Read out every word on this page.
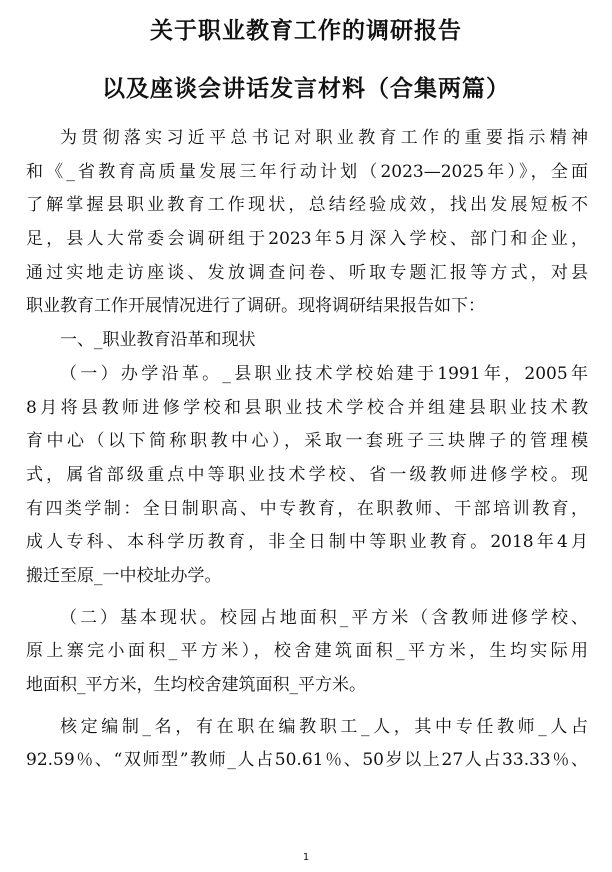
关于职业教育工作的调研报告
以及座谈会讲话发言材料（合集两篇）
为贯彻落实习近平总书记对职业教育工作的重要指示精神
和《_省教育高质量发展三年行动计划（2023—2025年）》，全面
了解掌握县职业教育工作现状，总结经验成效，找出发展短板不
足，县人大常委会调研组于2023年5月深入学校、部门和企业，
通过实地走访座谈、发放调查问卷、听取专题汇报等方式，对县
职业教育工作开展情况进行了调研。现将调研结果报告如下：
一、_职业教育沿革和现状
（一）办学沿革。_县职业技术学校始建于1991年，2005年
8月将县教师进修学校和县职业技术学校合并组建县职业技术教
育中心（以下简称职教中心），采取一套班子三块牌子的管理模
式，属省部级重点中等职业技术学校、省一级教师进修学校。现
有四类学制：全日制职高、中专教育，在职教师、干部培训教育，
成人专科、本科学历教育，非全日制中等职业教育。2018年4月
搬迁至原_一中校址办学。
（二）基本现状。校园占地面积_平方米（含教师进修学校、
原上寨完小面积_平方米），校舍建筑面积_平方米，生均实际用
地面积_平方米，生均校舍建筑面积_平方米。
核定编制_名，有在职在编教职工_人，其中专任教师_人占
92.59％、“双师型”教师_人占50.61％、50岁以上27人占33.33％、
1
